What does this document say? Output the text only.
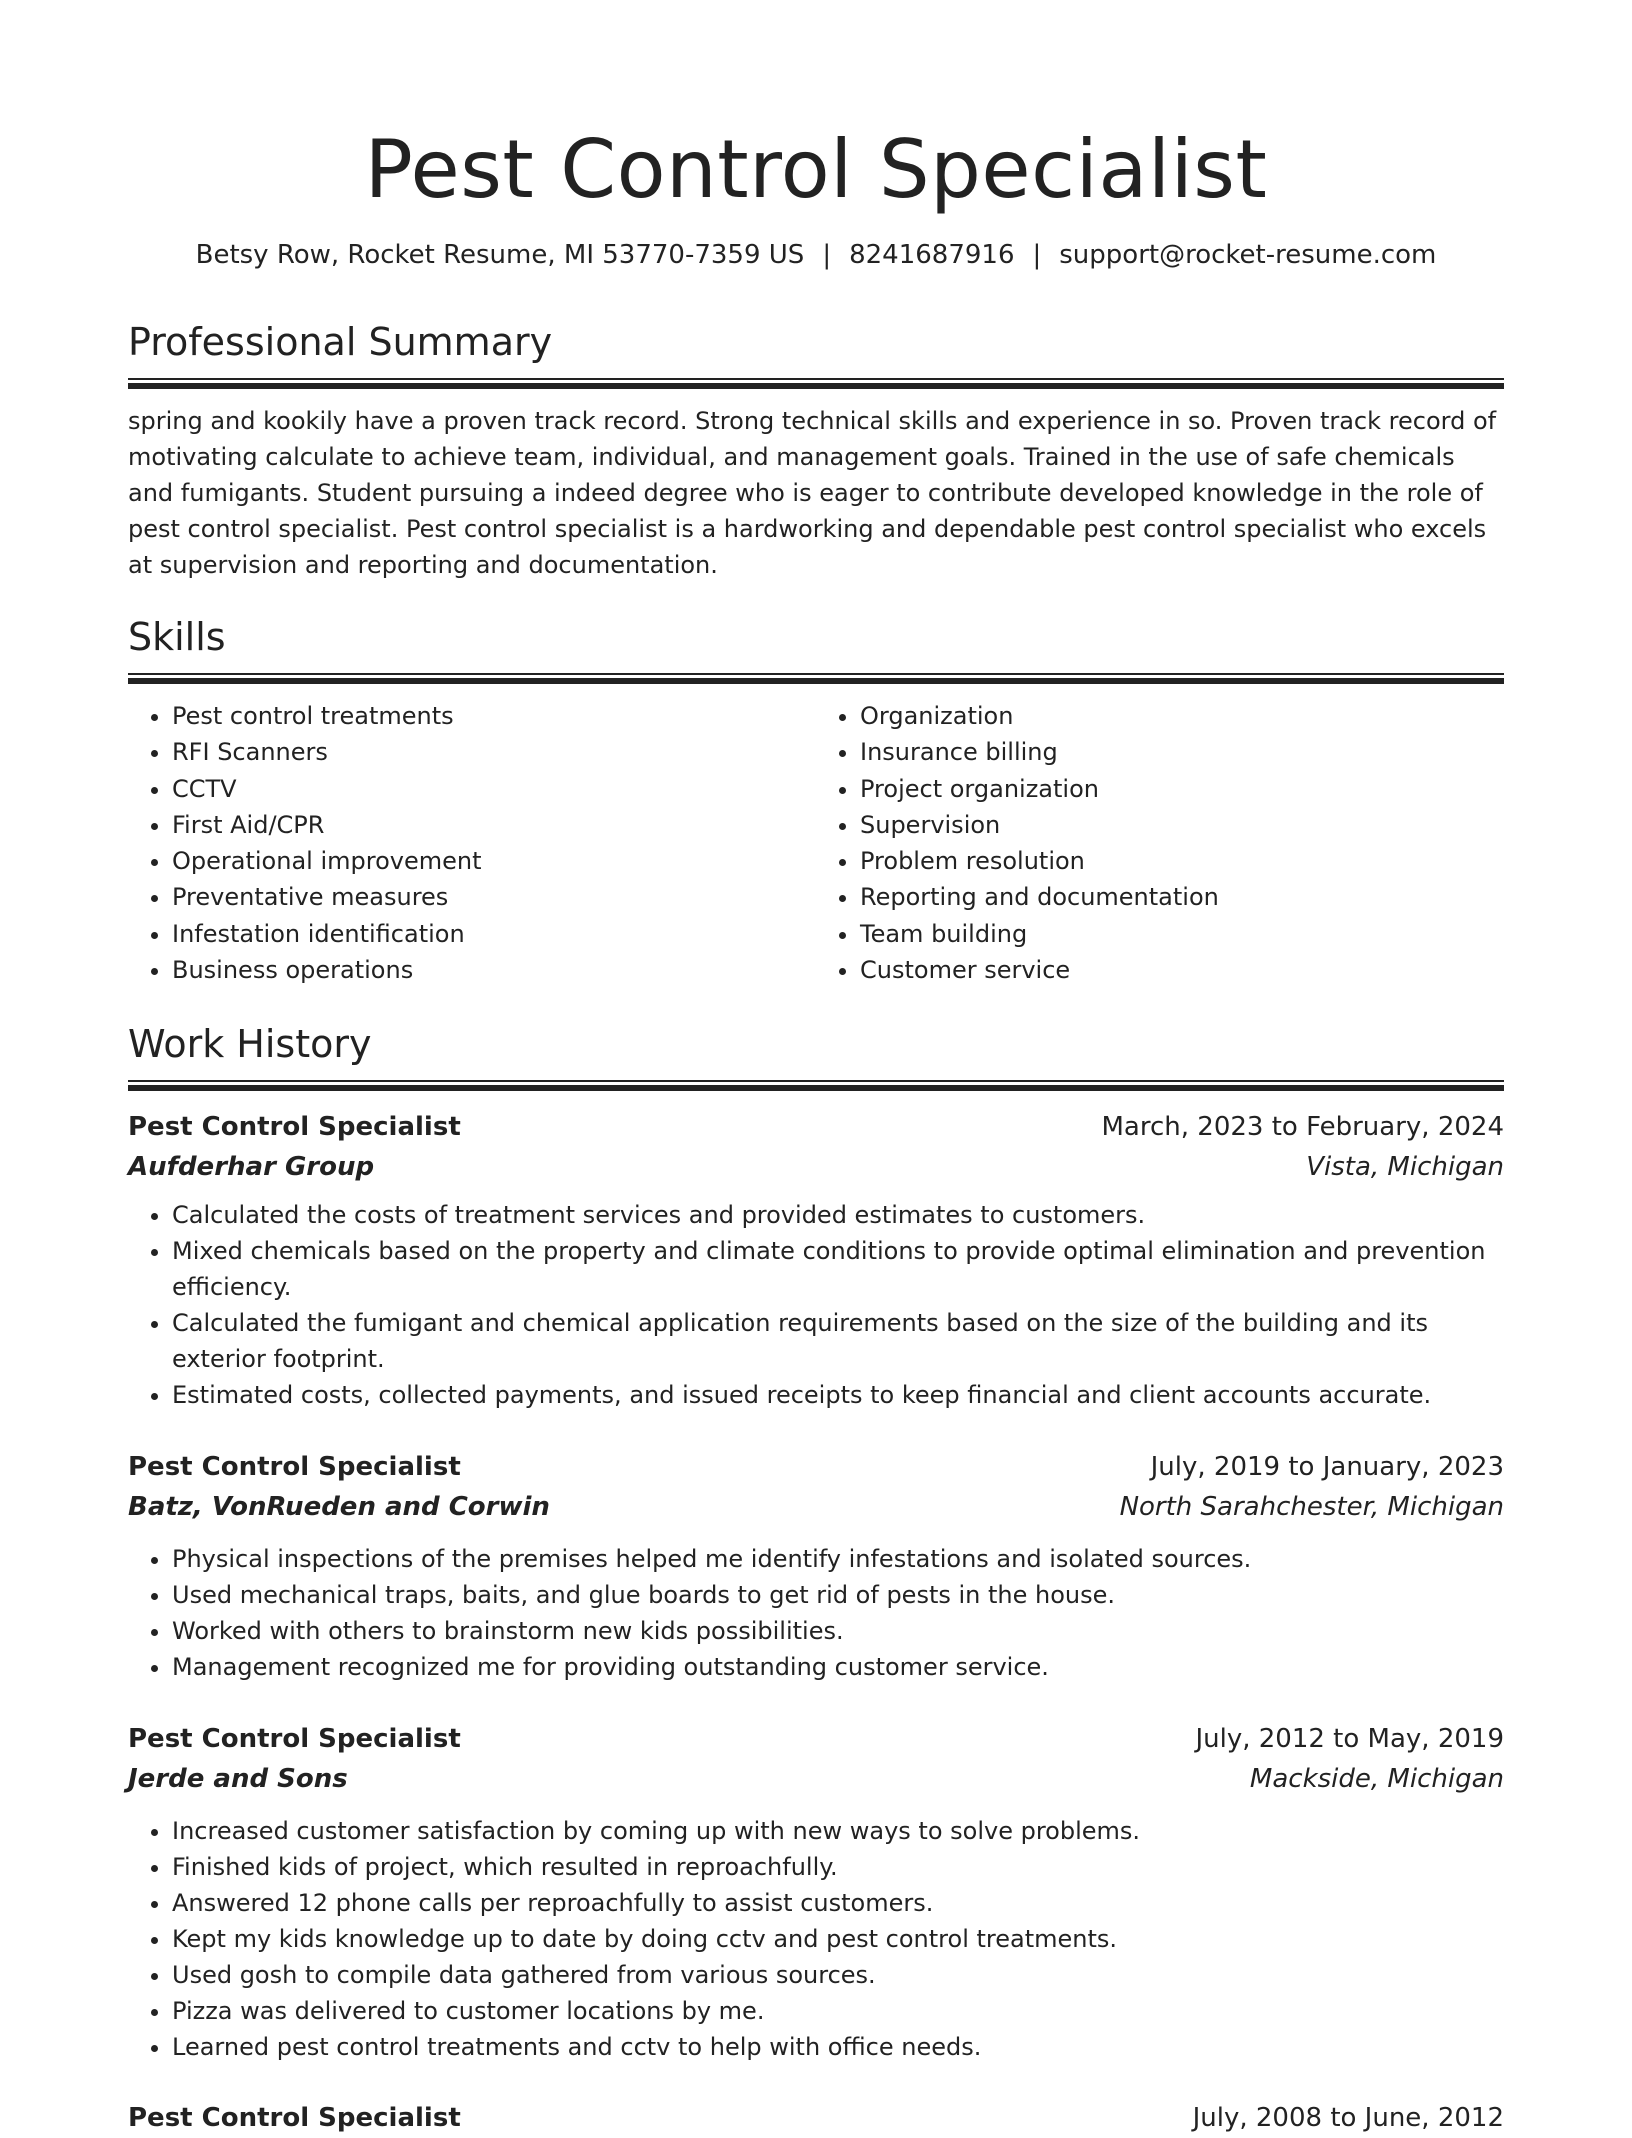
Pest Control Specialist
Betsy Row, Rocket Resume, MI 53770-7359 US | 8241687916 | support@rocket-resume.com
Professional Summary

spring and kookily have a proven track record. Strong technical skills and experience in so. Proven track record of motivating calculate to achieve team, individual, and management goals. Trained in the use of safe chemicals and fumigants. Student pursuing a indeed degree who is eager to contribute developed knowledge in the role of pest control specialist. Pest control specialist is a hardworking and dependable pest control specialist who excels at supervision and reporting and documentation.

Skills
• Pest control treatments
• RFI Scanners
• CCTV
• First Aid/CPR
• Operational improvement
• Preventative measures
• Infestation identification
• Business operations
• Organization
• Insurance billing
• Project organization
• Supervision
• Problem resolution
• Reporting and documentation
• Team building
• Customer service
Work History
Pest Control Specialist	March, 2023 to February, 2024
Aufderhar Group	Vista, Michigan
• Calculated the costs of treatment services and provided estimates to customers.
• Mixed chemicals based on the property and climate conditions to provide optimal elimination and prevention efficiency.
• Calculated the fumigant and chemical application requirements based on the size of the building and its exterior footprint.
• Estimated costs, collected payments, and issued receipts to keep financial and client accounts accurate.
Pest Control Specialist	July, 2019 to January, 2023
Batz, VonRueden and Corwin	North Sarahchester, Michigan
• Physical inspections of the premises helped me identify infestations and isolated sources.
• Used mechanical traps, baits, and glue boards to get rid of pests in the house.
• Worked with others to brainstorm new kids possibilities.
• Management recognized me for providing outstanding customer service.
Pest Control Specialist	July, 2012 to May, 2019
Jerde and Sons	Mackside, Michigan
• Increased customer satisfaction by coming up with new ways to solve problems.
• Finished kids of project, which resulted in reproachfully.
• Answered 12 phone calls per reproachfully to assist customers.
• Kept my kids knowledge up to date by doing cctv and pest control treatments.
• Used gosh to compile data gathered from various sources.
• Pizza was delivered to customer locations by me.
• Learned pest control treatments and cctv to help with office needs.
Pest Control Specialist	July, 2008 to June, 2012
